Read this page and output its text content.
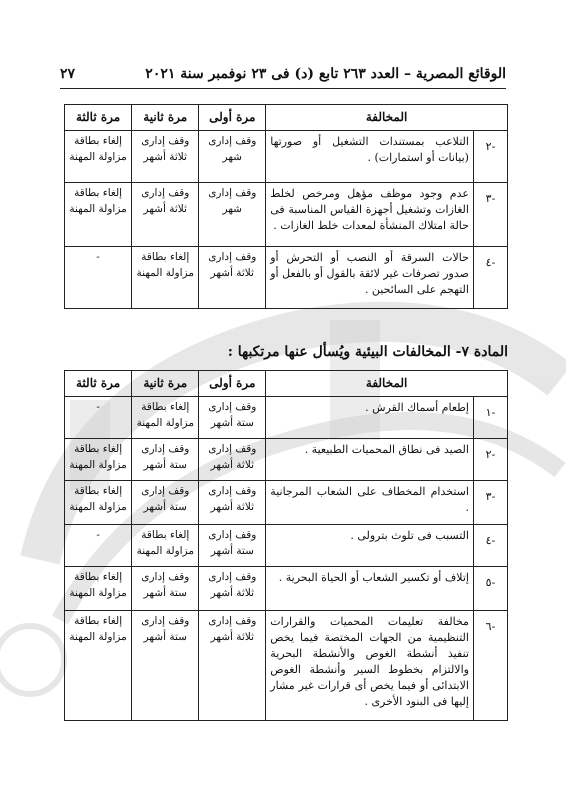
٢٧	الوقائع المصرية – العدد ٢٦٣ تابع (د) فى ٢٣ نوفمبر سنة ٢٠٢١
المخالفة		مرة أولى	مرة ثانية	مرة ثالثة
-٢	التلاعب بمستندات التشغيل أو صورتها (بيانات أو استمارات) .	وقف إدارى شهر	وقف إدارى ثلاثة أشهر	إلغاء بطاقة مزاولة المهنة
-٣	عدم وجود موظف مؤهل ومرخص لخلط الغازات وتشغيل أجهزة القياس المناسبة فى حالة امتلاك المنشأة لمعدات خلط الغازات .	وقف إدارى شهر	وقف إدارى ثلاثة أشهر	إلغاء بطاقة مزاولة المهنة
-٤	حالات السرقة أو النصب أو التحرش أو صدور تصرفات غير لائقة بالقول أو بالفعل أو التهجم على السائحين .	وقف إدارى ثلاثة أشهر	إلغاء بطاقة مزاولة المهنة	-
المادة ٧- المخالفات البيئية ويُسأل عنها مرتكبها :
المخالفة		مرة أولى	مرة ثانية	مرة ثالثة
-١	إطعام أسماك القرش .	وقف إدارى ستة أشهر	إلغاء بطاقة مزاولة المهنة	-
-٢	الصيد فى نطاق المحميات الطبيعية .	وقف إدارى ثلاثة أشهر	وقف إدارى ستة أشهر	إلغاء بطاقة مزاولة المهنة
-٣	استخدام المخطاف على الشعاب المرجانية .	وقف إدارى ثلاثة أشهر	وقف إدارى ستة أشهر	إلغاء بطاقة مزاولة المهنة
-٤	التسبب فى تلوث بترولى .	وقف إدارى ستة أشهر	إلغاء بطاقة مزاولة المهنة	-
-٥	إتلاف أو تكسير الشعاب أو الحياة البحرية .	وقف إدارى ثلاثة أشهر	وقف إدارى ستة أشهر	إلغاء بطاقة مزاولة المهنة
-٦	مخالفة تعليمات المحميات والقرارات التنظيمية من الجهات المختصة فيما يخص تنفيذ أنشطة الغوص والأنشطة البحرية والالتزام بخطوط السير وأنشطة الغوص الابتدائى أو فيما يخص أى قرارات غير مشار إليها فى البنود الأخرى .	وقف إدارى ثلاثة أشهر	وقف إدارى ستة أشهر	إلغاء بطاقة مزاولة المهنة
